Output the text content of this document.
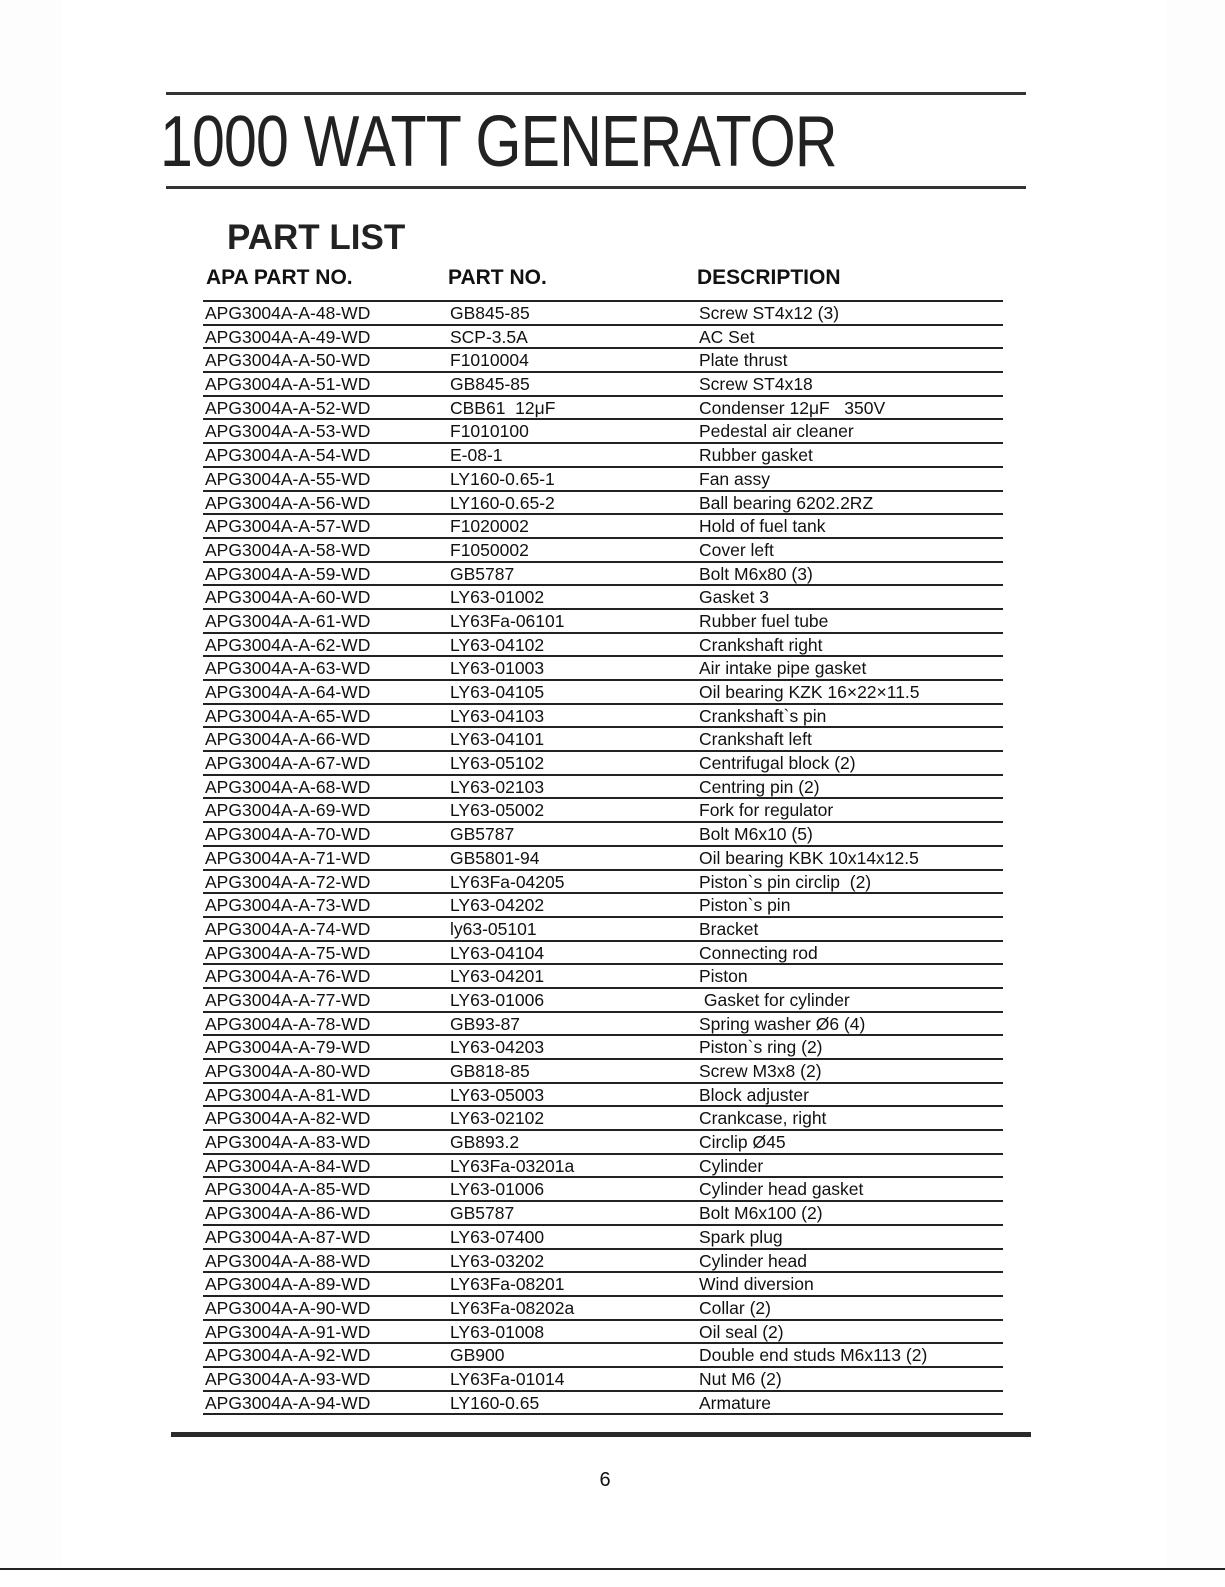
1000 WATT GENERATOR
PART LIST
APA PART NO.	PART NO.	DESCRIPTION
APG3004A-A-48-WD	GB845-85	Screw ST4x12 (3)
APG3004A-A-49-WD	SCP-3.5A	AC Set
APG3004A-A-50-WD	F1010004	Plate thrust
APG3004A-A-51-WD	GB845-85	Screw ST4x18
APG3004A-A-52-WD	CBB61  12μF	Condenser 12μF   350V
APG3004A-A-53-WD	F1010100	Pedestal air cleaner
APG3004A-A-54-WD	E-08-1	Rubber gasket
APG3004A-A-55-WD	LY160-0.65-1	Fan assy
APG3004A-A-56-WD	LY160-0.65-2	Ball bearing 6202.2RZ
APG3004A-A-57-WD	F1020002	Hold of fuel tank
APG3004A-A-58-WD	F1050002	Cover left
APG3004A-A-59-WD	GB5787	Bolt M6x80 (3)
APG3004A-A-60-WD	LY63-01002	Gasket 3
APG3004A-A-61-WD	LY63Fa-06101	Rubber fuel tube
APG3004A-A-62-WD	LY63-04102	Crankshaft right
APG3004A-A-63-WD	LY63-01003	Air intake pipe gasket
APG3004A-A-64-WD	LY63-04105	Oil bearing KZK 16×22×11.5
APG3004A-A-65-WD	LY63-04103	Crankshaft`s pin
APG3004A-A-66-WD	LY63-04101	Crankshaft left
APG3004A-A-67-WD	LY63-05102	Centrifugal block (2)
APG3004A-A-68-WD	LY63-02103	Centring pin (2)
APG3004A-A-69-WD	LY63-05002	Fork for regulator
APG3004A-A-70-WD	GB5787	Bolt M6x10 (5)
APG3004A-A-71-WD	GB5801-94	Oil bearing KBK 10x14x12.5
APG3004A-A-72-WD	LY63Fa-04205	Piston`s pin circlip  (2)
APG3004A-A-73-WD	LY63-04202	Piston`s pin
APG3004A-A-74-WD	ly63-05101	Bracket
APG3004A-A-75-WD	LY63-04104	Connecting rod
APG3004A-A-76-WD	LY63-04201	Piston
APG3004A-A-77-WD	LY63-01006	Gasket for cylinder
APG3004A-A-78-WD	GB93-87	Spring washer Ø6 (4)
APG3004A-A-79-WD	LY63-04203	Piston`s ring (2)
APG3004A-A-80-WD	GB818-85	Screw M3x8 (2)
APG3004A-A-81-WD	LY63-05003	Block adjuster
APG3004A-A-82-WD	LY63-02102	Crankcase, right
APG3004A-A-83-WD	GB893.2	Circlip Ø45
APG3004A-A-84-WD	LY63Fa-03201a	Cylinder
APG3004A-A-85-WD	LY63-01006	Cylinder head gasket
APG3004A-A-86-WD	GB5787	Bolt M6x100 (2)
APG3004A-A-87-WD	LY63-07400	Spark plug
APG3004A-A-88-WD	LY63-03202	Cylinder head
APG3004A-A-89-WD	LY63Fa-08201	Wind diversion
APG3004A-A-90-WD	LY63Fa-08202a	Collar (2)
APG3004A-A-91-WD	LY63-01008	Oil seal (2)
APG3004A-A-92-WD	GB900	Double end studs M6x113 (2)
APG3004A-A-93-WD	LY63Fa-01014	Nut M6 (2)
APG3004A-A-94-WD	LY160-0.65	Armature
6
